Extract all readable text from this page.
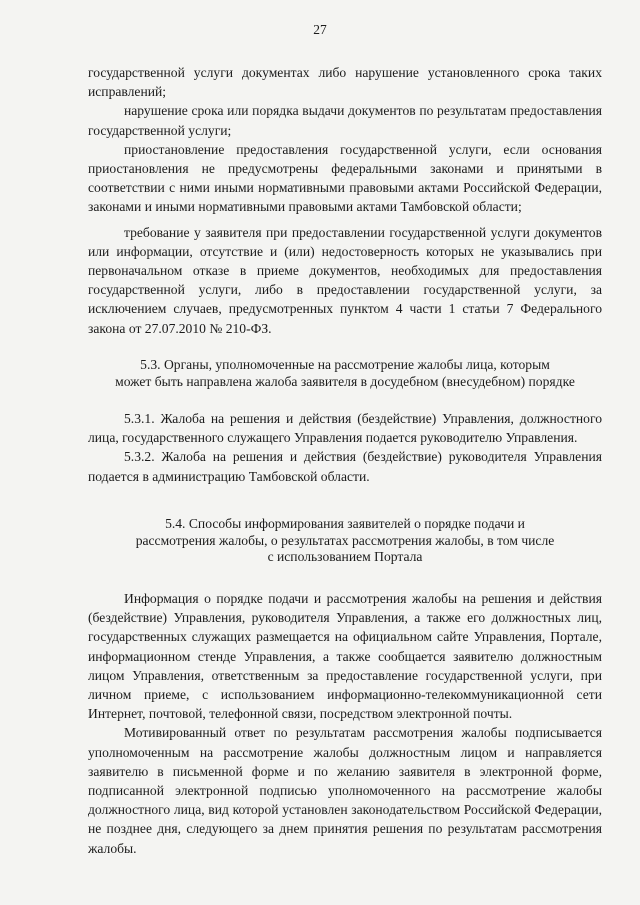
27

государственной услуги документах либо нарушение установленного срока таких исправлений;

нарушение срока или порядка выдачи документов по результатам предоставления государственной услуги;

приостановление предоставления государственной услуги, если основания приостановления не предусмотрены федеральными законами и принятыми в соответствии с ними иными нормативными правовыми актами Российской Федерации, законами и иными нормативными правовыми актами Тамбовской области;

требование у заявителя при предоставлении государственной услуги документов или информации, отсутствие и (или) недостоверность которых не указывались при первоначальном отказе в приеме документов, необходимых для предоставления государственной услуги, либо в предоставлении государственной услуги, за исключением случаев, предусмотренных пунктом 4 части 1 статьи 7 Федерального закона от 27.07.2010 № 210-ФЗ.

5.3. Органы, уполномоченные на рассмотрение жалобы лица, которым
может быть направлена жалоба заявителя в досудебном (внесудебном) порядке

5.3.1. Жалоба на решения и действия (бездействие) Управления, должностного лица, государственного служащего Управления подается руководителю Управления.

5.3.2. Жалоба на решения и действия (бездействие) руководителя Управления подается в администрацию Тамбовской области.

5.4. Способы информирования заявителей о порядке подачи и
рассмотрения жалобы, о результатах рассмотрения жалобы, в том числе
с использованием Портала

Информация о порядке подачи и рассмотрения жалобы на решения и действия (бездействие) Управления, руководителя Управления, а также его должностных лиц, государственных служащих размещается на официальном сайте Управления, Портале, информационном стенде Управления, а также сообщается заявителю должностным лицом Управления, ответственным за предоставление государственной услуги, при личном приеме, с использованием информационно-телекоммуникационной сети Интернет, почтовой, телефонной связи, посредством электронной почты.

Мотивированный ответ по результатам рассмотрения жалобы подписывается уполномоченным на рассмотрение жалобы должностным лицом и направляется заявителю в письменной форме и по желанию заявителя в электронной форме, подписанной электронной подписью уполномоченного на рассмотрение жалобы должностного лица, вид которой установлен законодательством Российской Федерации, не позднее дня, следующего за днем принятия решения по результатам рассмотрения жалобы.
